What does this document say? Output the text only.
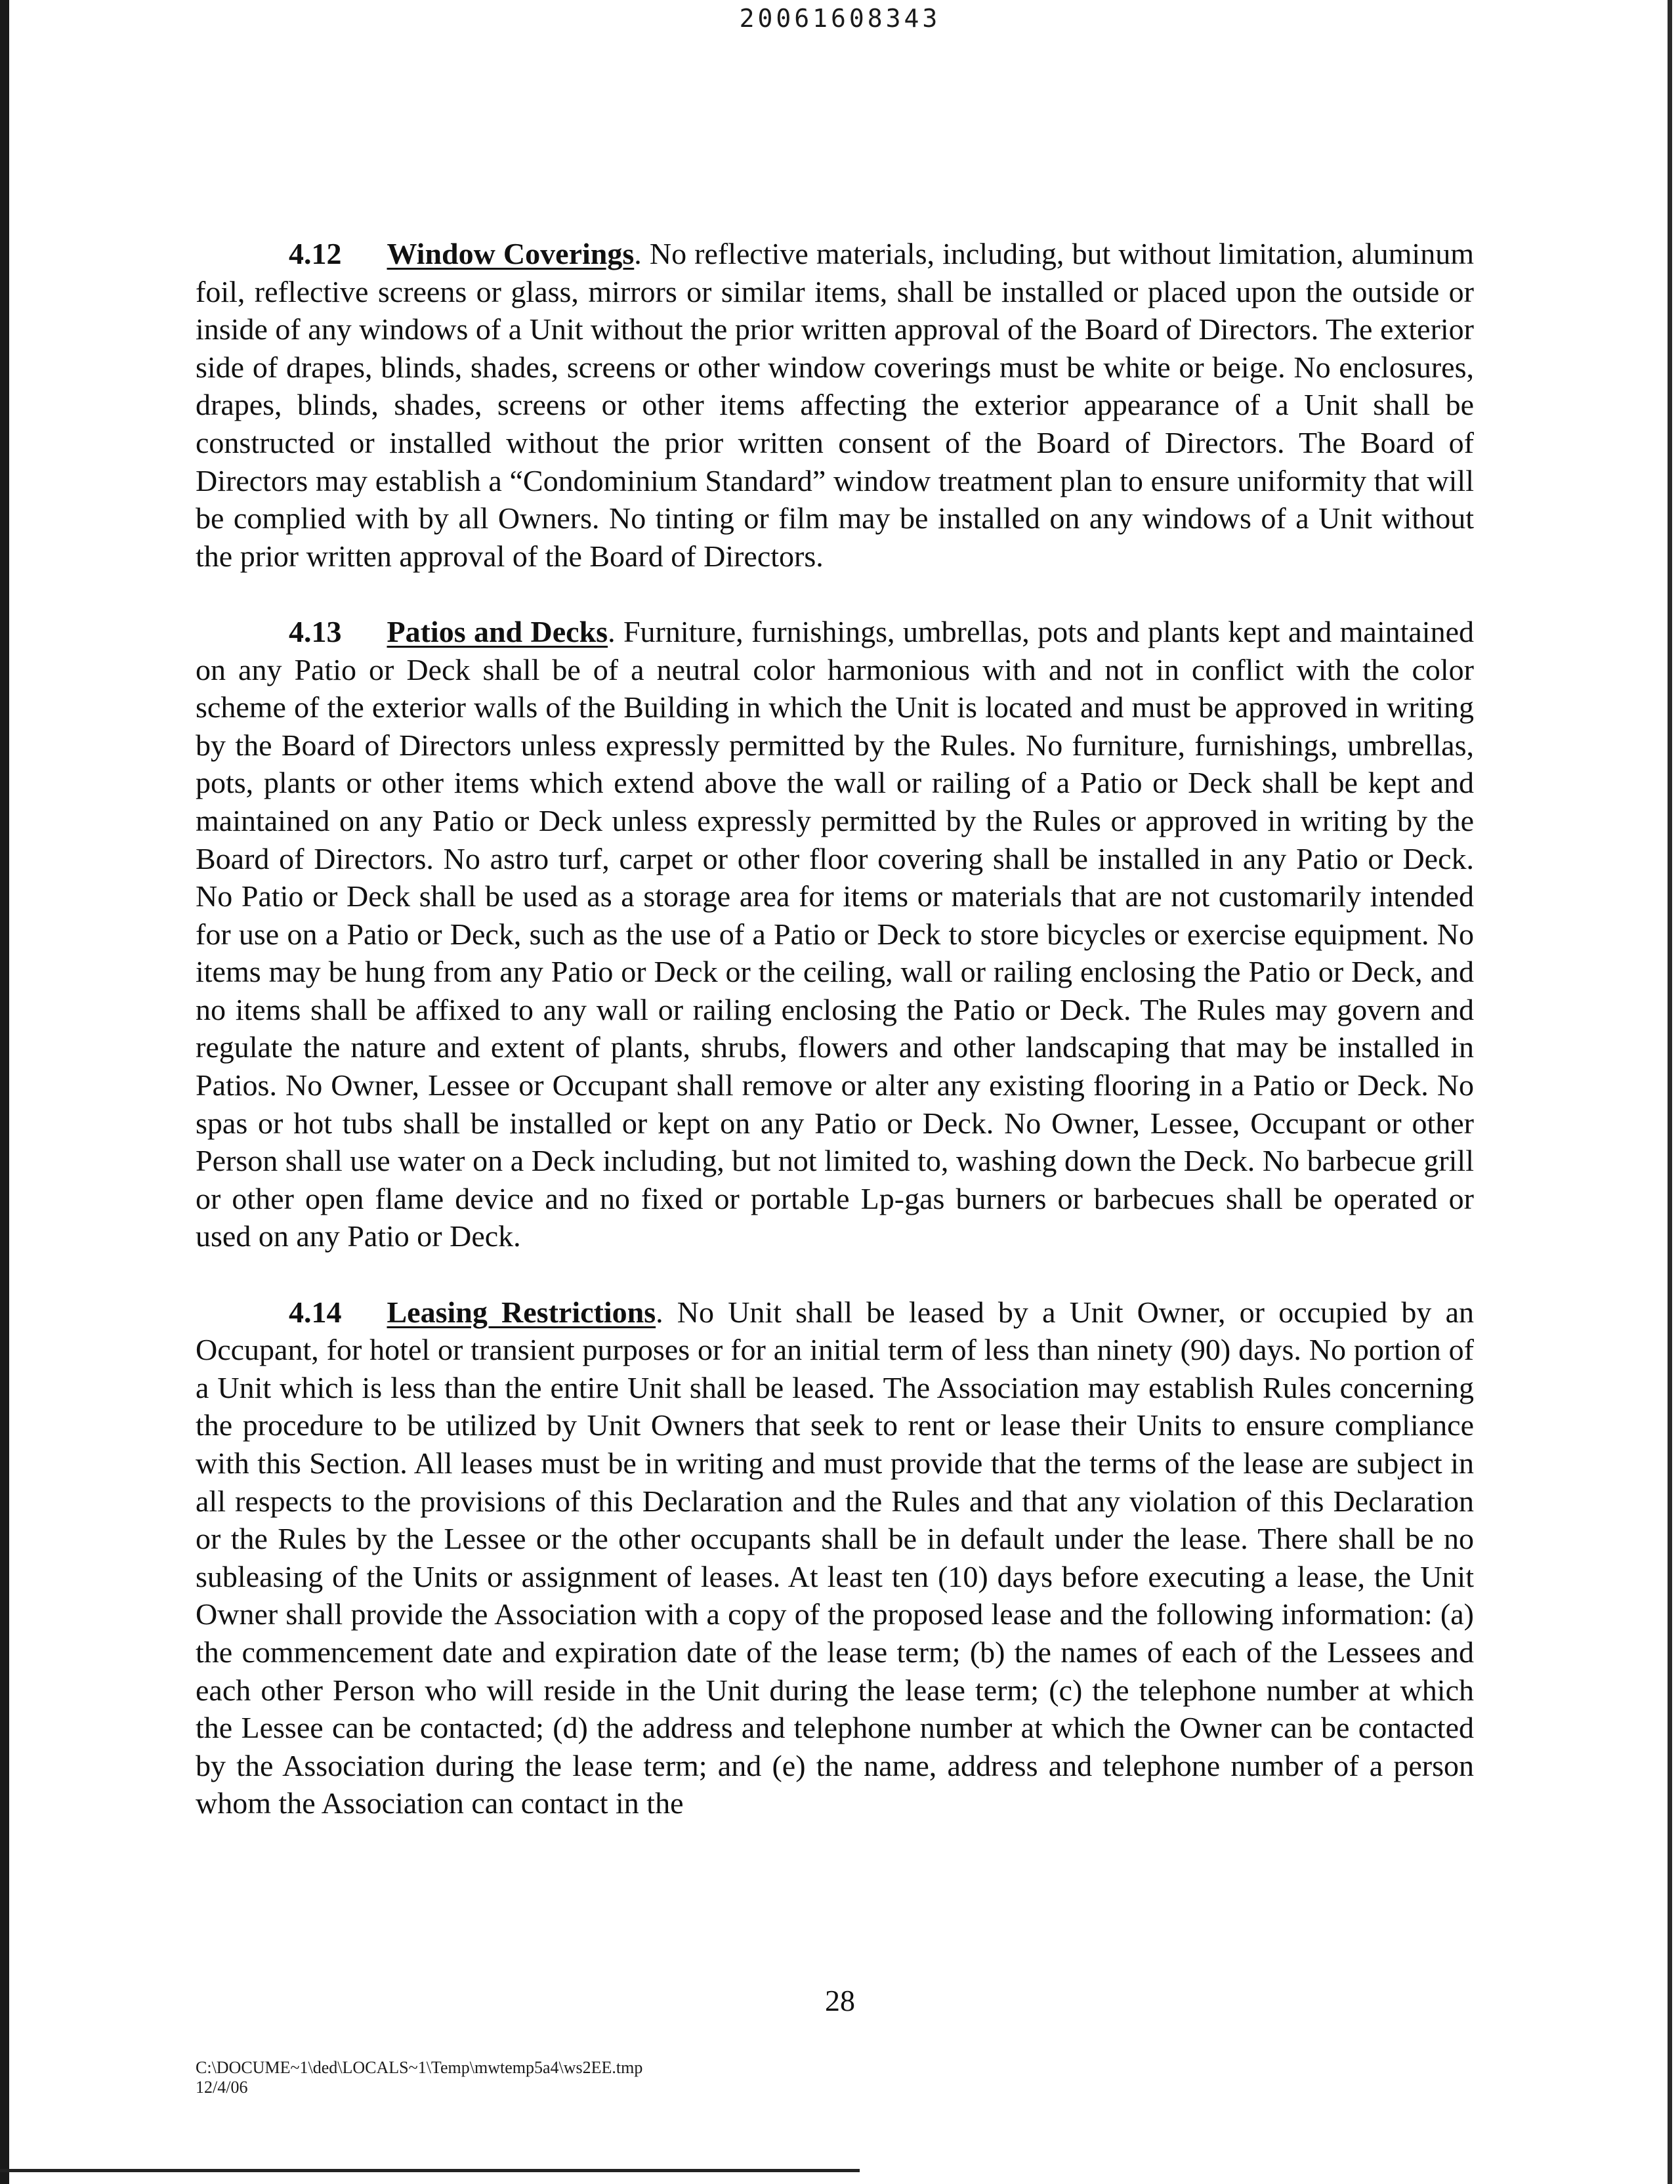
20061608343

4.12   Window Coverings. No reflective materials, including, but without limitation, aluminum foil, reflective screens or glass, mirrors or similar items, shall be installed or placed upon the outside or inside of any windows of a Unit without the prior written approval of the Board of Directors. The exterior side of drapes, blinds, shades, screens or other window coverings must be white or beige. No enclosures, drapes, blinds, shades, screens or other items affecting the exterior appearance of a Unit shall be constructed or installed without the prior written consent of the Board of Directors. The Board of Directors may establish a “Condominium Standard” window treatment plan to ensure uniformity that will be complied with by all Owners. No tinting or film may be installed on any windows of a Unit without the prior written approval of the Board of Directors.

4.13   Patios and Decks. Furniture, furnishings, umbrellas, pots and plants kept and maintained on any Patio or Deck shall be of a neutral color harmonious with and not in conflict with the color scheme of the exterior walls of the Building in which the Unit is located and must be approved in writing by the Board of Directors unless expressly permitted by the Rules. No furniture, furnishings, umbrellas, pots, plants or other items which extend above the wall or railing of a Patio or Deck shall be kept and maintained on any Patio or Deck unless expressly permitted by the Rules or approved in writing by the Board of Directors. No astro turf, carpet or other floor covering shall be installed in any Patio or Deck. No Patio or Deck shall be used as a storage area for items or materials that are not customarily intended for use on a Patio or Deck, such as the use of a Patio or Deck to store bicycles or exercise equipment. No items may be hung from any Patio or Deck or the ceiling, wall or railing enclosing the Patio or Deck, and no items shall be affixed to any wall or railing enclosing the Patio or Deck. The Rules may govern and regulate the nature and extent of plants, shrubs, flowers and other landscaping that may be installed in Patios. No Owner, Lessee or Occupant shall remove or alter any existing flooring in a Patio or Deck. No spas or hot tubs shall be installed or kept on any Patio or Deck. No Owner, Lessee, Occupant or other Person shall use water on a Deck including, but not limited to, washing down the Deck. No barbecue grill or other open flame device and no fixed or portable Lp-gas burners or barbecues shall be operated or used on any Patio or Deck.

4.14   Leasing Restrictions. No Unit shall be leased by a Unit Owner, or occupied by an Occupant, for hotel or transient purposes or for an initial term of less than ninety (90) days. No portion of a Unit which is less than the entire Unit shall be leased. The Association may establish Rules concerning the procedure to be utilized by Unit Owners that seek to rent or lease their Units to ensure compliance with this Section. All leases must be in writing and must provide that the terms of the lease are subject in all respects to the provisions of this Declaration and the Rules and that any violation of this Declaration or the Rules by the Lessee or the other occupants shall be in default under the lease. There shall be no subleasing of the Units or assignment of leases. At least ten (10) days before executing a lease, the Unit Owner shall provide the Association with a copy of the proposed lease and the following information: (a) the commencement date and expiration date of the lease term; (b) the names of each of the Lessees and each other Person who will reside in the Unit during the lease term; (c) the telephone number at which the Lessee can be contacted; (d) the address and telephone number at which the Owner can be contacted by the Association during the lease term; and (e) the name, address and telephone number of a person whom the Association can contact in the

28
C:\DOCUME~1\ded\LOCALS~1\Temp\mwtemp5a4\ws2EE.tmp
12/4/06
